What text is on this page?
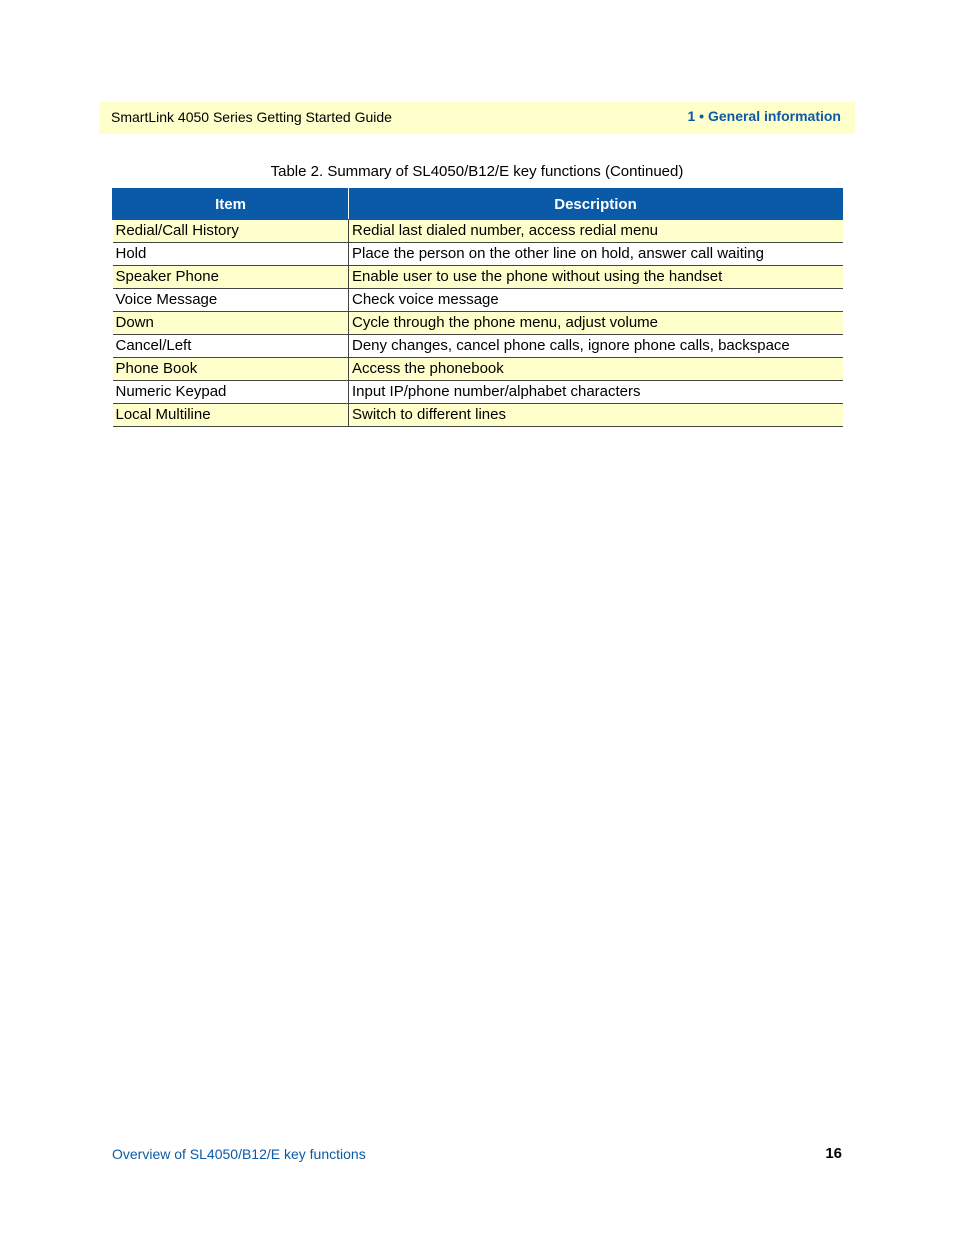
SmartLink 4050 Series Getting Started Guide	1 • General information
Table 2. Summary of SL4050/B12/E key functions (Continued)
Item	Description
Redial/Call History	Redial last dialed number, access redial menu
Hold	Place the person on the other line on hold, answer call waiting
Speaker Phone	Enable user to use the phone without using the handset
Voice Message	Check voice message
Down	Cycle through the phone menu, adjust volume
Cancel/Left	Deny changes, cancel phone calls, ignore phone calls, backspace
Phone Book	Access the phonebook
Numeric Keypad	Input IP/phone number/alphabet characters
Local Multiline	Switch to different lines
Overview of SL4050/B12/E key functions	16
